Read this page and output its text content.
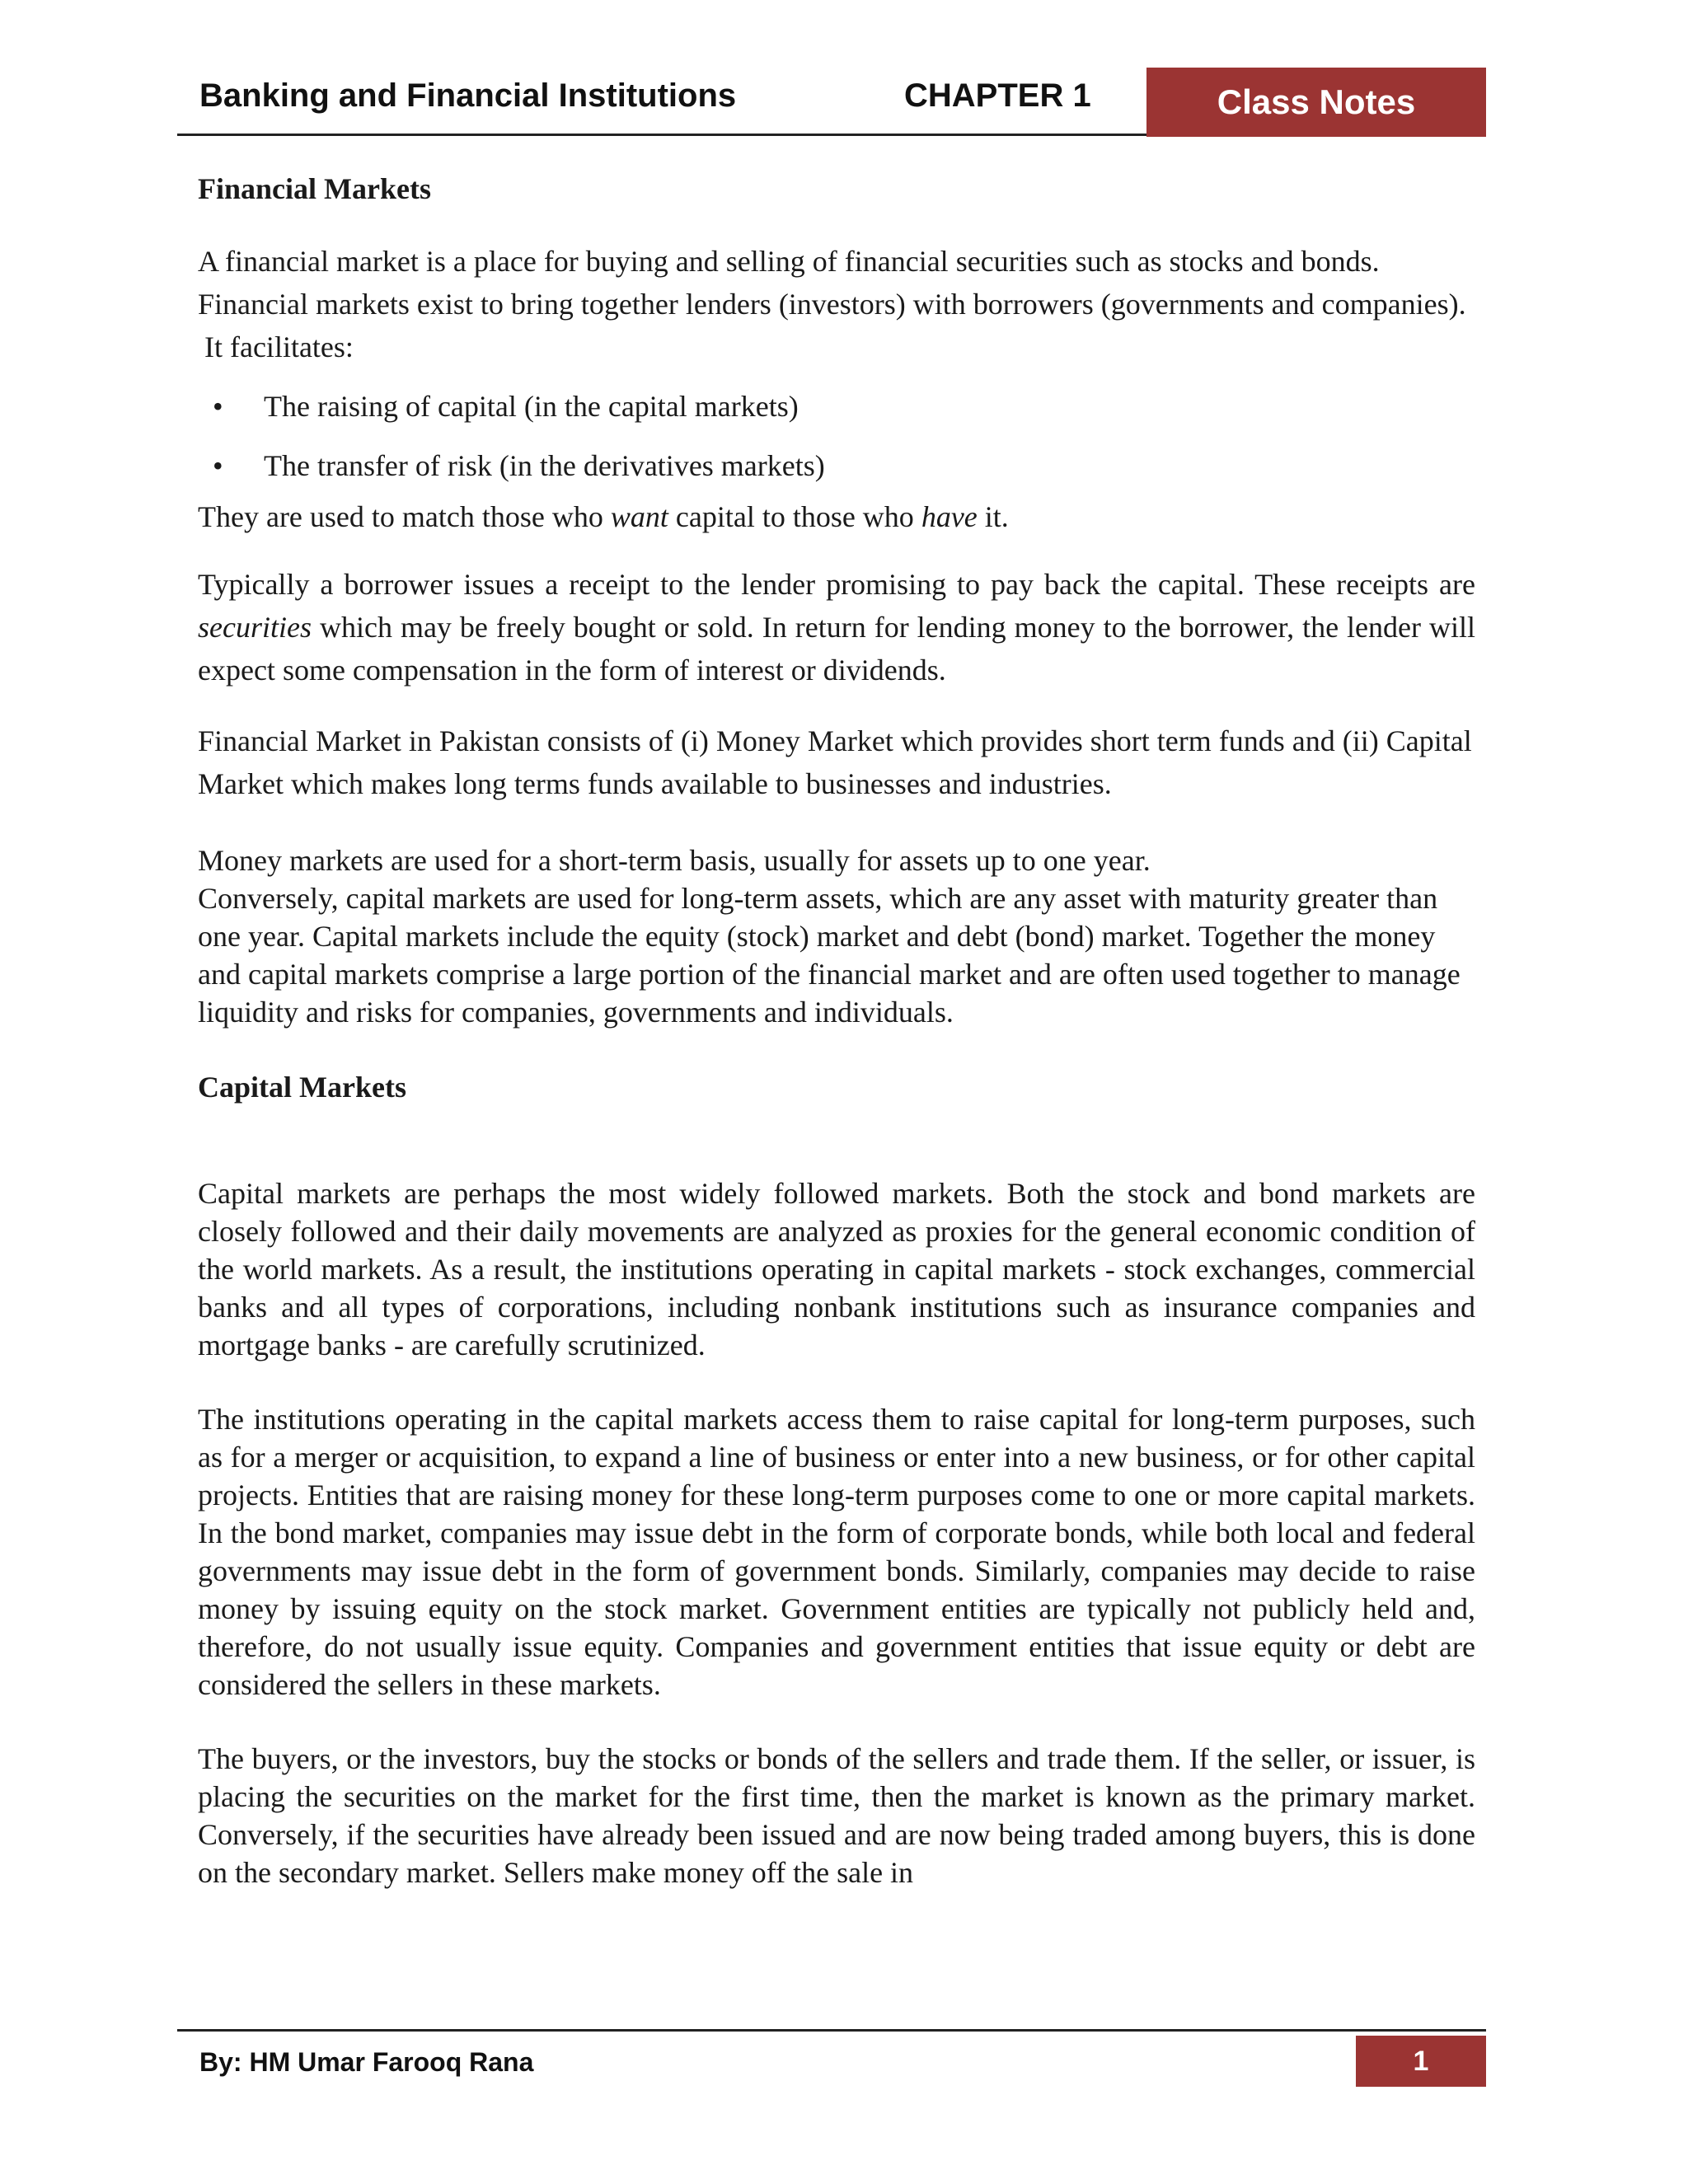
Banking and Financial Institutions	CHAPTER 1	Class Notes
Financial Markets

A financial market is a place for buying and selling of financial securities such as stocks and bonds. Financial markets exist to bring together lenders (investors) with borrowers (governments and companies).

It facilitates:

• The raising of capital (in the capital markets)
• The transfer of risk (in the derivatives markets)

They are used to match those who want capital to those who have it.

Typically a borrower issues a receipt to the lender promising to pay back the capital. These receipts are securities which may be freely bought or sold. In return for lending money to the borrower, the lender will expect some compensation in the form of interest or dividends.

Financial Market in Pakistan consists of (i) Money Market which provides short term funds and (ii) Capital Market which makes long terms funds available to businesses and industries.

Money markets are used for a short-term basis, usually for assets up to one year.

Conversely, capital markets are used for long-term assets, which are any asset with maturity greater than one year. Capital markets include the equity (stock) market and debt (bond) market. Together the money and capital markets comprise a large portion of the financial market and are often used together to manage liquidity and risks for companies, governments and individuals.

Capital Markets

Capital markets are perhaps the most widely followed markets. Both the stock and bond markets are closely followed and their daily movements are analyzed as proxies for the general economic condition of the world markets. As a result, the institutions operating in capital markets - stock exchanges, commercial banks and all types of corporations, including nonbank institutions such as insurance companies and mortgage banks - are carefully scrutinized.

The institutions operating in the capital markets access them to raise capital for long-term purposes, such as for a merger or acquisition, to expand a line of business or enter into a new business, or for other capital projects. Entities that are raising money for these long-term purposes come to one or more capital markets. In the bond market, companies may issue debt in the form of corporate bonds, while both local and federal governments may issue debt in the form of government bonds. Similarly, companies may decide to raise money by issuing equity on the stock market. Government entities are typically not publicly held and, therefore, do not usually issue equity. Companies and government entities that issue equity or debt are considered the sellers in these markets.

The buyers, or the investors, buy the stocks or bonds of the sellers and trade them. If the seller, or issuer, is placing the securities on the market for the first time, then the market is known as the primary market. Conversely, if the securities have already been issued and are now being traded among buyers, this is done on the secondary market. Sellers make money off the sale in

By: HM Umar Farooq Rana	1
